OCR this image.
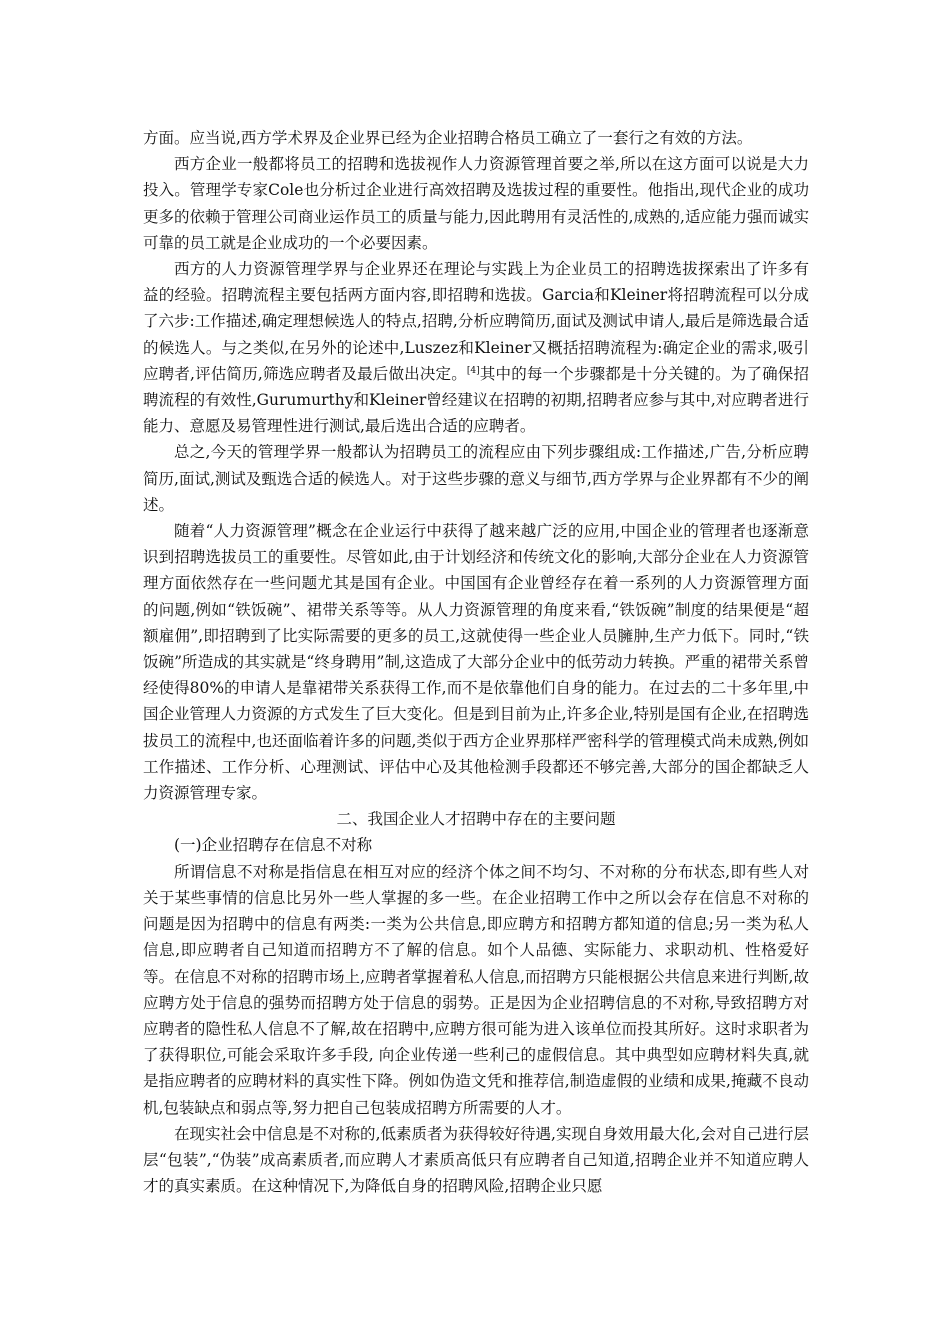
方面。应当说,西方学术界及企业界已经为企业招聘合格员工确立了一套行之有效的方法。

西方企业一般都将员工的招聘和选拔视作人力资源管理首要之举,所以在这方面可以说是大力投入。管理学专家Cole也分析过企业进行高效招聘及选拔过程的重要性。他指出,现代企业的成功更多的依赖于管理公司商业运作员工的质量与能力,因此聘用有灵活性的,成熟的,适应能力强而诚实可靠的员工就是企业成功的一个必要因素。

西方的人力资源管理学界与企业界还在理论与实践上为企业员工的招聘选拔探索出了许多有益的经验。招聘流程主要包括两方面内容,即招聘和选拔。Garcia和Kleiner将招聘流程可以分成了六步:工作描述,确定理想候选人的特点,招聘,分析应聘简历,面试及测试申请人,最后是筛选最合适的候选人。与之类似,在另外的论述中,Luszez和Kleiner又概括招聘流程为:确定企业的需求,吸引应聘者,评估简历,筛选应聘者及最后做出决定。[4]其中的每一个步骤都是十分关键的。为了确保招聘流程的有效性,Gurumurthy和Kleiner曾经建议在招聘的初期,招聘者应参与其中,对应聘者进行能力、意愿及易管理性进行测试,最后选出合适的应聘者。

总之,今天的管理学界一般都认为招聘员工的流程应由下列步骤组成:工作描述,广告,分析应聘简历,面试,测试及甄选合适的候选人。对于这些步骤的意义与细节,西方学界与企业界都有不少的阐述。

随着“人力资源管理”概念在企业运行中获得了越来越广泛的应用,中国企业的管理者也逐渐意识到招聘选拔员工的重要性。尽管如此,由于计划经济和传统文化的影响,大部分企业在人力资源管理方面依然存在一些问题尤其是国有企业。中国国有企业曾经存在着一系列的人力资源管理方面的问题,例如“铁饭碗”、裙带关系等等。从人力资源管理的角度来看,“铁饭碗”制度的结果便是“超额雇佣”,即招聘到了比实际需要的更多的员工,这就使得一些企业人员臃肿,生产力低下。同时,“铁饭碗”所造成的其实就是“终身聘用”制,这造成了大部分企业中的低劳动力转换。严重的裙带关系曾经使得80%的申请人是靠裙带关系获得工作,而不是依靠他们自身的能力。在过去的二十多年里,中国企业管理人力资源的方式发生了巨大变化。但是到目前为止,许多企业,特别是国有企业,在招聘选拔员工的流程中,也还面临着许多的问题,类似于西方企业界那样严密科学的管理模式尚未成熟,例如工作描述、工作分析、心理测试、评估中心及其他检测手段都还不够完善,大部分的国企都缺乏人力资源管理专家。

二、我国企业人才招聘中存在的主要问题

(一)企业招聘存在信息不对称

所谓信息不对称是指信息在相互对应的经济个体之间不均匀、不对称的分布状态,即有些人对关于某些事情的信息比另外一些人掌握的多一些。在企业招聘工作中之所以会存在信息不对称的问题是因为招聘中的信息有两类:一类为公共信息,即应聘方和招聘方都知道的信息;另一类为私人信息,即应聘者自己知道而招聘方不了解的信息。如个人品德、实际能力、求职动机、性格爱好等。在信息不对称的招聘市场上,应聘者掌握着私人信息,而招聘方只能根据公共信息来进行判断,故应聘方处于信息的强势而招聘方处于信息的弱势。正是因为企业招聘信息的不对称,导致招聘方对应聘者的隐性私人信息不了解,故在招聘中,应聘方很可能为进入该单位而投其所好。这时求职者为了获得职位,可能会采取许多手段, 向企业传递一些利己的虚假信息。其中典型如应聘材料失真,就是指应聘者的应聘材料的真实性下降。例如伪造文凭和推荐信,制造虚假的业绩和成果,掩藏不良动机,包装缺点和弱点等,努力把自己包装成招聘方所需要的人才。

在现实社会中信息是不对称的,低素质者为获得较好待遇,实现自身效用最大化,会对自己进行层层“包装”,“伪装”成高素质者,而应聘人才素质高低只有应聘者自己知道,招聘企业并不知道应聘人才的真实素质。在这种情况下,为降低自身的招聘风险,招聘企业只愿
